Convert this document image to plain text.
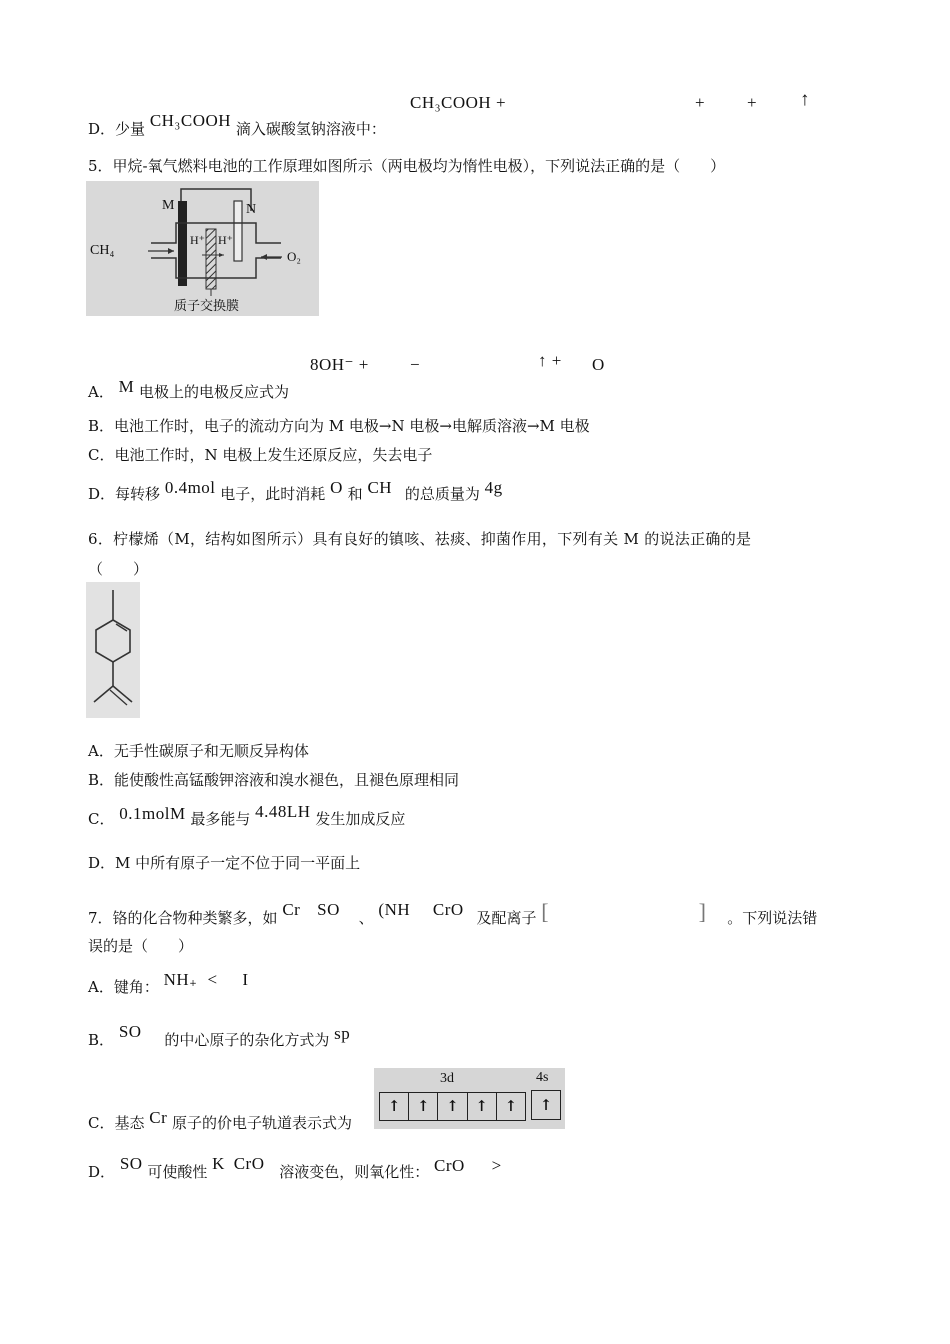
CH₃COOH +	+ + ↑
D．少量 CH₃COOH 滴入碳酸氢钠溶液中：
5．甲烷-氧气燃料电池的工作原理如图所示（两电极均为惰性电极），下列说法正确的是（　　）
M	N
CH₄	O₂
H⁺ H⁺
质子交换膜
8OH⁻ + −	↑ + O
A． M 电极上的电极反应式为
B．电池工作时，电子的流动方向为 M 电极→N 电极→电解质溶液→M 电极
C．电池工作时，N 电极上发生还原反应，失去电子
D．每转移 0.4mol 电子，此时消耗 O 和 CH 的总质量为 4g
6．柠檬烯（M，结构如图所示）具有良好的镇咳、祛痰、抑菌作用，下列有关 M 的说法正确的是
（　　）
A．无手性碳原子和无顺反异构体
B．能使酸性高锰酸钾溶液和溴水褪色，且褪色原理相同
C． 0.1molM 最多能与 4.48LH 发生加成反应
D．M 中所有原子一定不位于同一平面上
7．铬的化合物种类繁多，如 Cr SO 、 (NH CrO 及配离子 [	] 。下列说法错
误的是（　　）
A．键角： NH+ < I
B． SO 的中心原子的杂化方式为 sp
C．基态 Cr 原子的价电子轨道表示式为
3d	4s
↑	↑	↑	↑	↑	↑
D． SO 可使酸性 K CrO 溶液变色，则氧化性： CrO >
